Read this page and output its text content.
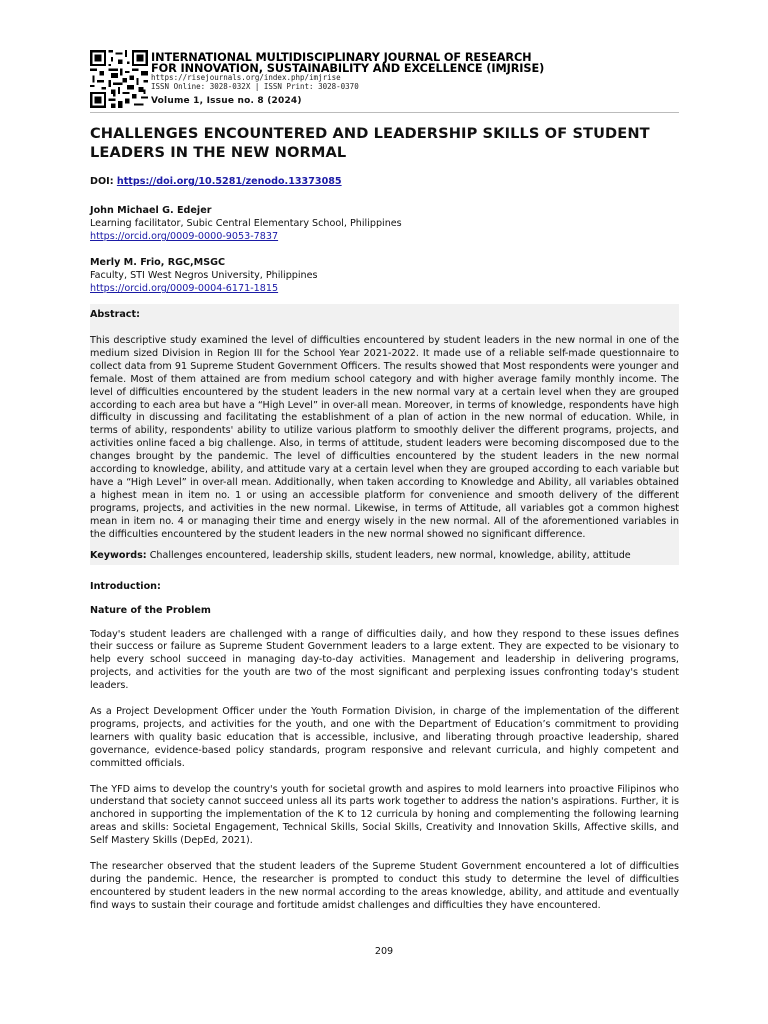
INTERNATIONAL MULTIDISCIPLINARY JOURNAL OF RESEARCH
FOR INNOVATION, SUSTAINABILITY AND EXCELLENCE (IMJRISE)
https://risejournals.org/index.php/imjrise
ISSN Online: 3028-032X | ISSN Print: 3028-0370
Volume 1, Issue no. 8 (2024)
CHALLENGES ENCOUNTERED AND LEADERSHIP SKILLS OF STUDENT LEADERS IN THE NEW NORMAL
DOI: https://doi.org/10.5281/zenodo.13373085
John Michael G. Edejer
Learning facilitator, Subic Central Elementary School, Philippines
https://orcid.org/0009-0000-9053-7837
Merly M. Frio, RGC,MSGC
Faculty, STI West Negros University, Philippines
https://orcid.org/0009-0004-6171-1815
Abstract:
This descriptive study examined the level of difficulties encountered by student leaders in the new normal in one of the medium sized Division in Region III for the School Year 2021-2022. It made use of a reliable self-made questionnaire to collect data from 91 Supreme Student Government Officers. The results showed that Most respondents were younger and female. Most of them attained are from medium school category and with higher average family monthly income. The level of difficulties encountered by the student leaders in the new normal vary at a certain level when they are grouped according to each area but have a “High Level” in over-all mean. Moreover, in terms of knowledge, respondents have high difficulty in discussing and facilitating the establishment of a plan of action in the new normal of education. While, in terms of ability, respondents' ability to utilize various platform to smoothly deliver the different programs, projects, and activities online faced a big challenge. Also, in terms of attitude, student leaders were becoming discomposed due to the changes brought by the pandemic. The level of difficulties encountered by the student leaders in the new normal according to knowledge, ability, and attitude vary at a certain level when they are grouped according to each variable but have a “High Level” in over-all mean. Additionally, when taken according to Knowledge and Ability, all variables obtained a highest mean in item no. 1 or using an accessible platform for convenience and smooth delivery of the different programs, projects, and activities in the new normal. Likewise, in terms of Attitude, all variables got a common highest mean in item no. 4 or managing their time and energy wisely in the new normal. All of the aforementioned variables in the difficulties encountered by the student leaders in the new normal showed no significant difference.
Keywords: Challenges encountered, leadership skills, student leaders, new normal, knowledge, ability, attitude
Introduction:
Nature of the Problem
Today's student leaders are challenged with a range of difficulties daily, and how they respond to these issues defines their success or failure as Supreme Student Government leaders to a large extent. They are expected to be visionary to help every school succeed in managing day-to-day activities. Management and leadership in delivering programs, projects, and activities for the youth are two of the most significant and perplexing issues confronting today's student leaders.
As a Project Development Officer under the Youth Formation Division, in charge of the implementation of the different programs, projects, and activities for the youth, and one with the Department of Education’s commitment to providing learners with quality basic education that is accessible, inclusive, and liberating through proactive leadership, shared governance, evidence-based policy standards, program responsive and relevant curricula, and highly competent and committed officials.
The YFD aims to develop the country's youth for societal growth and aspires to mold learners into proactive Filipinos who understand that society cannot succeed unless all its parts work together to address the nation's aspirations. Further, it is anchored in supporting the implementation of the K to 12 curricula by honing and complementing the following learning areas and skills: Societal Engagement, Technical Skills, Social Skills, Creativity and Innovation Skills, Affective skills, and Self Mastery Skills (DepEd, 2021).
The researcher observed that the student leaders of the Supreme Student Government encountered a lot of difficulties during the pandemic. Hence, the researcher is prompted to conduct this study to determine the level of difficulties encountered by student leaders in the new normal according to the areas knowledge, ability, and attitude and eventually find ways to sustain their courage and fortitude amidst challenges and difficulties they have encountered.
209
